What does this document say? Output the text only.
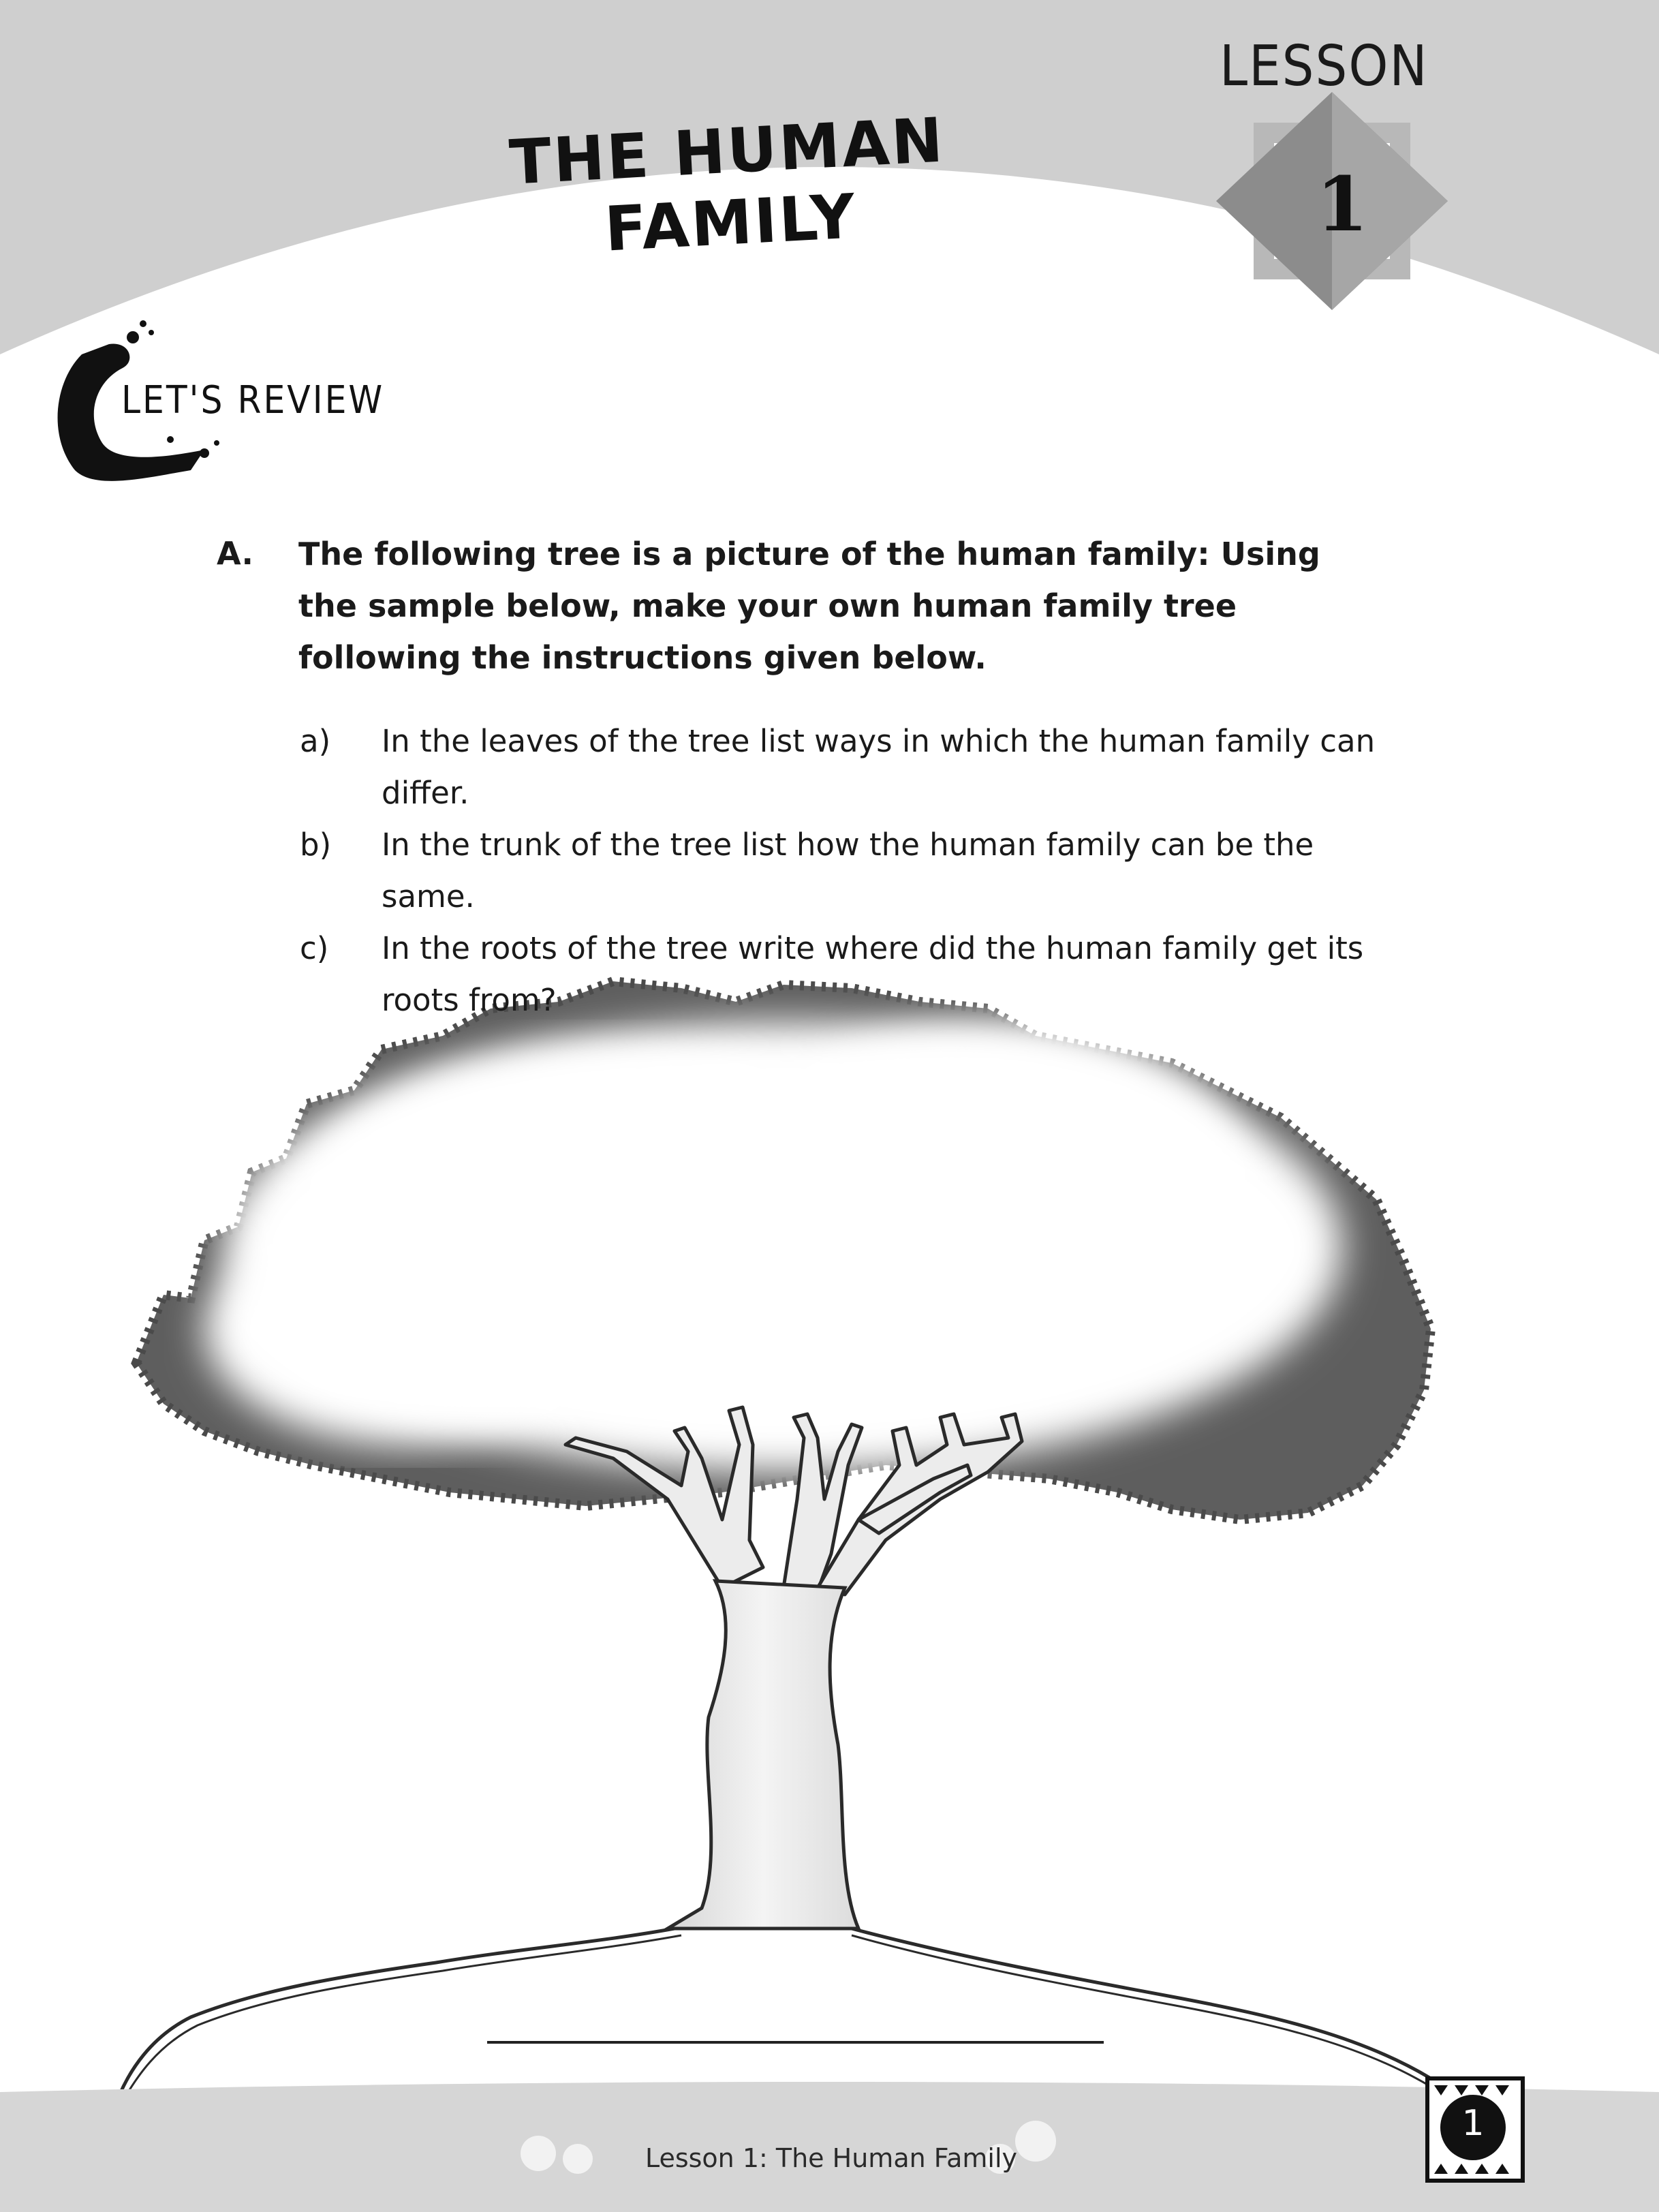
LESSON
1
THE HUMAN FAMILY
LET'S REVIEW
A. The following tree is a picture of the human family: Using the sample below, make your own human family tree following the instructions given below.
a)	In the leaves of the tree list ways in which the human family can differ.
b)	In the trunk of the tree list how the human family can be the same.
c)	In the roots of the tree write where did the human family get its roots from?
Lesson 1: The Human Family
1
